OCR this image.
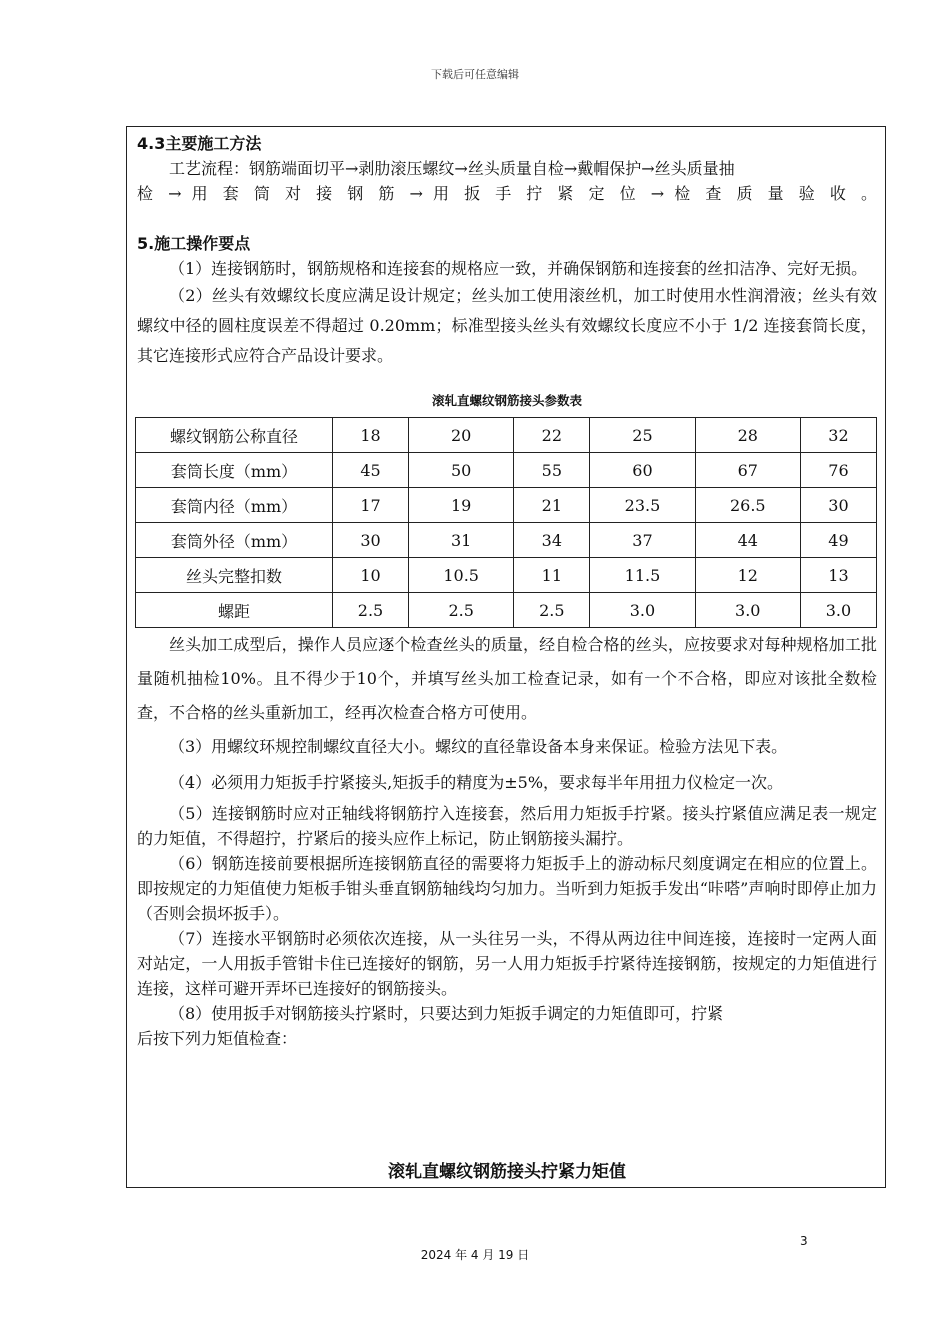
下载后可任意编辑

4.3主要施工方法

工艺流程：钢筋端面切平→剥肋滚压螺纹→丝头质量自检→戴帽保护→丝头质量抽

检 → 用 套 筒 对 接 钢 筋 → 用 扳 手 拧 紧 定 位 → 检 查 质 量 验 收 。

5.施工操作要点

（1）连接钢筋时，钢筋规格和连接套的规格应一致，并确保钢筋和连接套的丝扣洁净、完好无损。

（2）丝头有效螺纹长度应满足设计规定；丝头加工使用滚丝机，加工时使用水性润滑液；丝头有效螺纹中径的圆柱度误差不得超过 0.20mm；标准型接头丝头有效螺纹长度应不小于 1/2 连接套筒长度，其它连接形式应符合产品设计要求。

滚轧直螺纹钢筋接头参数表
螺纹钢筋公称直径	18	20	22	25	28	32
套筒长度（mm）	45	50	55	60	67	76
套筒内径（mm）	17	19	21	23.5	26.5	30
套筒外径（mm）	30	31	34	37	44	49
丝头完整扣数	10	10.5	11	11.5	12	13
螺距	2.5	2.5	2.5	3.0	3.0	3.0

丝头加工成型后，操作人员应逐个检查丝头的质量，经自检合格的丝头，应按要求对每种规格加工批量随机抽检10%。且不得少于10个，并填写丝头加工检查记录，如有一个不合格，即应对该批全数检查，不合格的丝头重新加工，经再次检查合格方可使用。

（3）用螺纹环规控制螺纹直径大小。螺纹的直径靠设备本身来保证。检验方法见下表。

（4）必须用力矩扳手拧紧接头,矩扳手的精度为±5%，要求每半年用扭力仪检定一次。

（5）连接钢筋时应对正轴线将钢筋拧入连接套，然后用力矩扳手拧紧。接头拧紧值应满足表一规定的力矩值，不得超拧，拧紧后的接头应作上标记，防止钢筋接头漏拧。

（6）钢筋连接前要根据所连接钢筋直径的需要将力矩扳手上的游动标尺刻度调定在相应的位置上。即按规定的力矩值使力矩板手钳头垂直钢筋轴线均匀加力。当听到力矩扳手发出“咔嗒”声响时即停止加力（否则会损坏扳手）。

（7）连接水平钢筋时必须依次连接，从一头往另一头，不得从两边往中间连接，连接时一定两人面对站定，一人用扳手管钳卡住已连接好的钢筋，另一人用力矩扳手拧紧待连接钢筋，按规定的力矩值进行连接，这样可避开弄坏已连接好的钢筋接头。

（8）使用扳手对钢筋接头拧紧时，只要达到力矩扳手调定的力矩值即可，拧紧

后按下列力矩值检查：

滚轧直螺纹钢筋接头拧紧力矩值
3
2024 年 4 月 19 日
